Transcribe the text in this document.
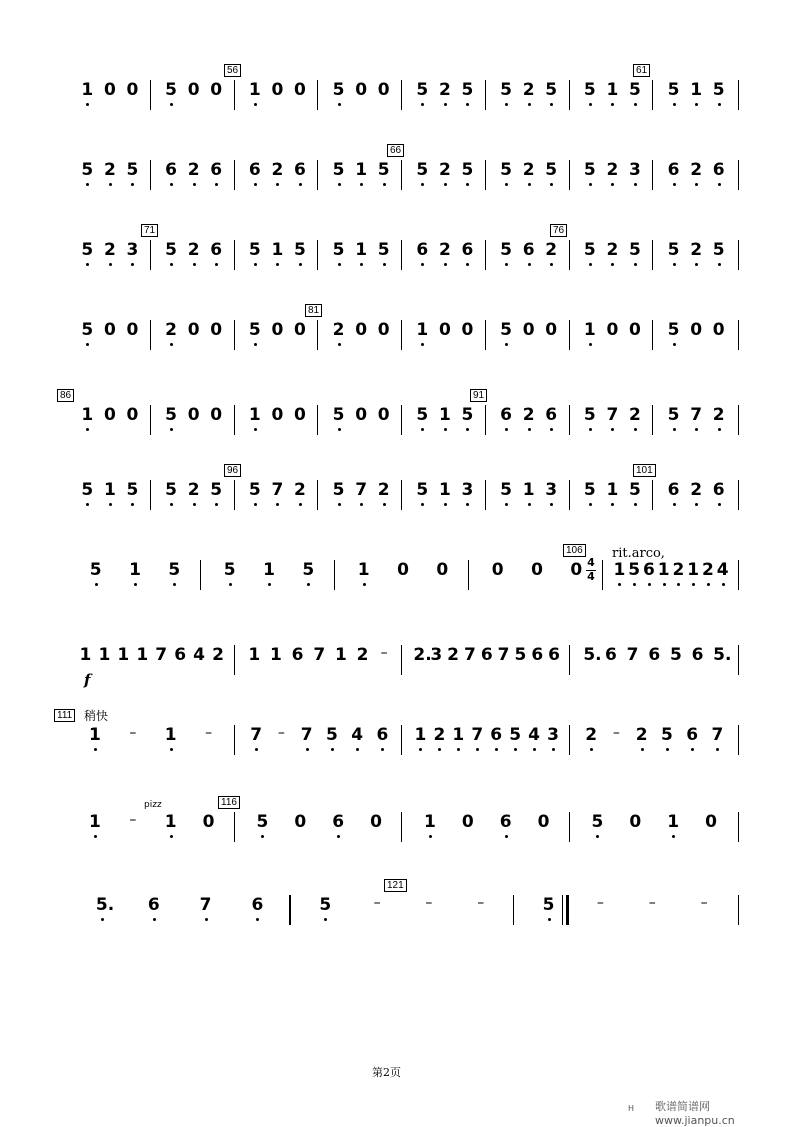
56	61
71	76
66
81
86	91
96	101
106 rit.arco,
4
4
f
111 稍快
116
pizz
121
1 0 0 5 0 0 1 0 0 5 0 0 5 2 5 5 2 5 5 1 5 5 1 5
5 2 5 6 2 6 6 2 6 5 1 5 5 2 5 5 2 5 5 2 3 6 2 6
5 2 3 5 2 6 5 1 5 5 1 5 6 2 6 5 6 2 5 2 5 5 2 5
5 0 0 2 0 0 5 0 0 2 0 0 1 0 0 5 0 0 1 0 0 5 0 0
1 0 0 5 0 0 1 0 0 5 0 0 5 1 5 6 2 6 5 7 2 5 7 2
5 1 5 5 2 5 5 7 2 5 7 2 5 1 3 5 1 3 5 1 5 6 2 6
5 1 5	5 1 5	1 0 0	0 0 0 1 5 6 1 2 1 2 4
1 1 1 1 7 6 4 2 1 1 6 7 1 2 – 2.
3 2 7 6 7 5 6 6 5. 6 7 6 5 6 5.
1 – 1 – 7 – 7 5 4 6 1 2 1 7 6 5 4 3 2 – 2 5 6 7
1 – 1 0 5 0 6 0 1 0 6 0 5 0 1 0
5. 6 7 6	5	–	–	–	5	–	–	–
第2页
歌谱简谱网 www.jianpu.cn
H
